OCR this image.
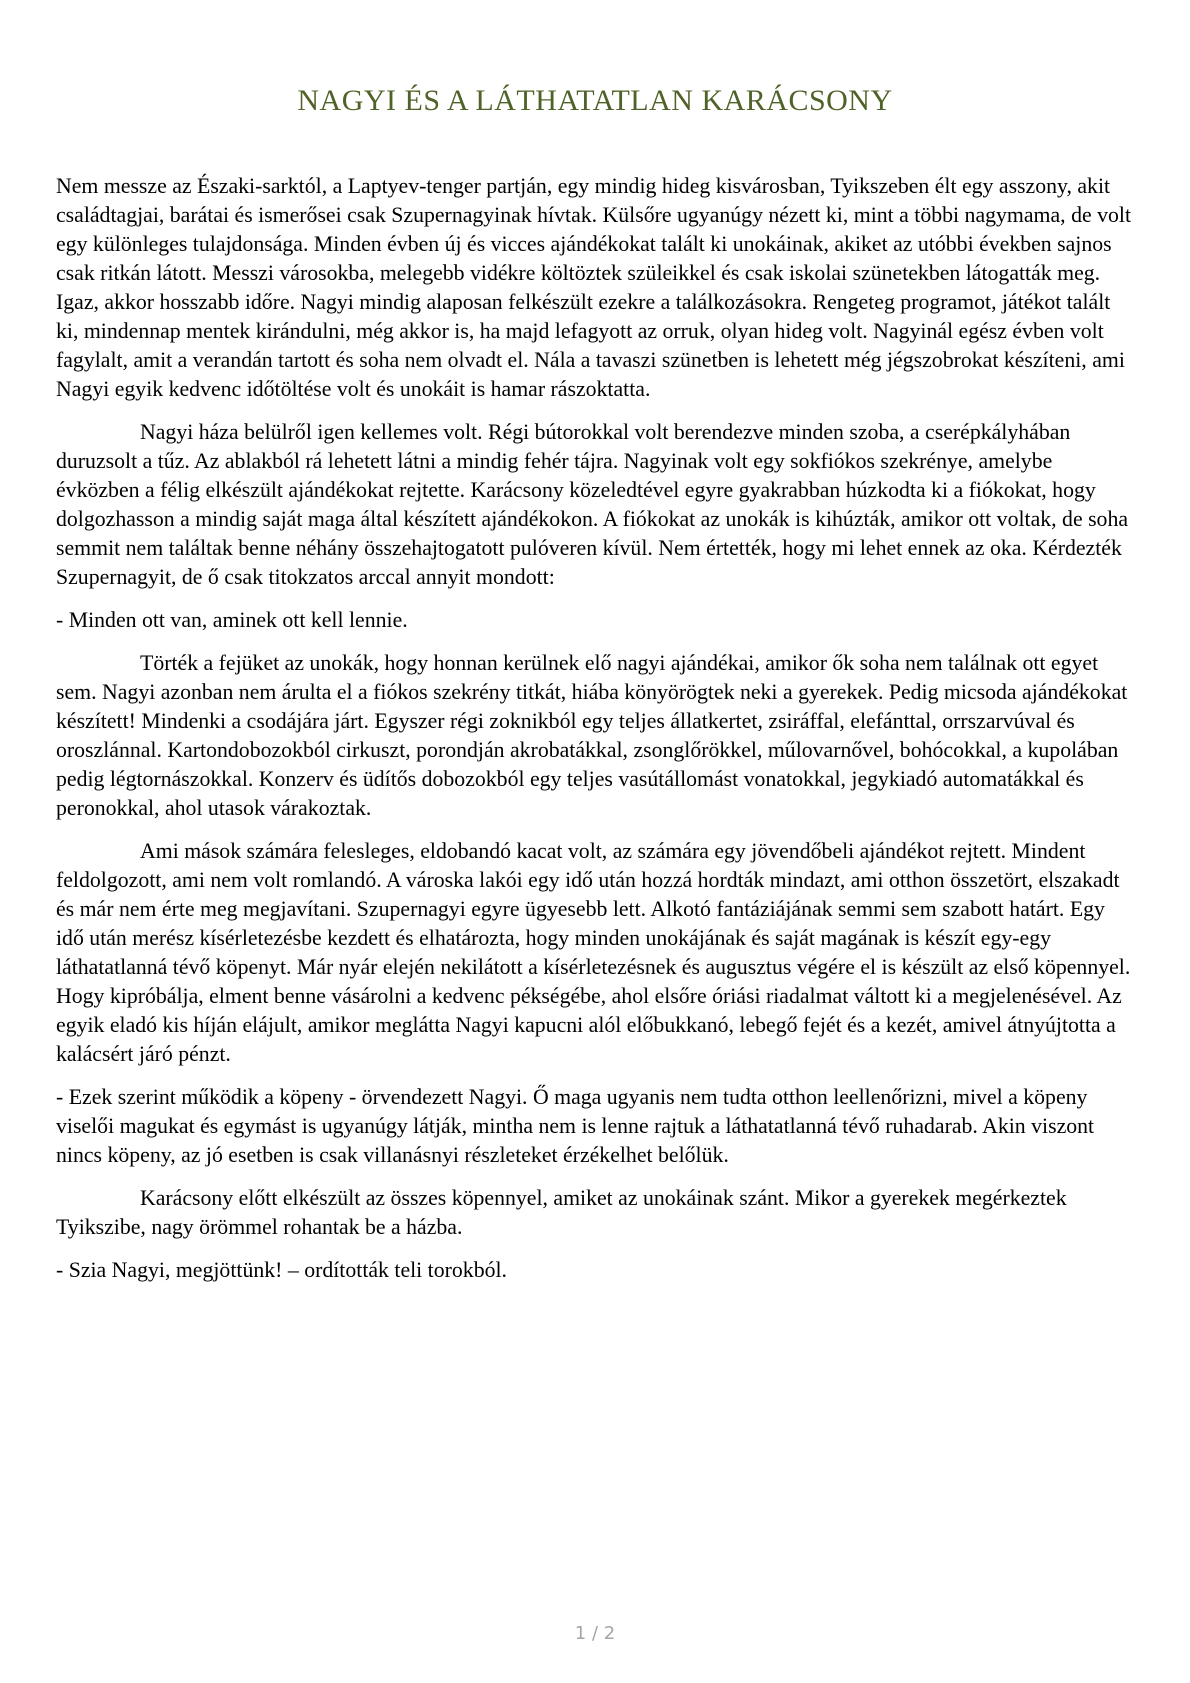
NAGYI ÉS A LÁTHATATLAN KARÁCSONY

Nem messze az Északi-sarktól, a Laptyev-tenger partján, egy mindig hideg kisvárosban, Tyikszeben élt egy asszony, akit családtagjai, barátai és ismerősei csak Szupernagyinak hívtak. Külsőre ugyanúgy nézett ki, mint a többi nagymama, de volt egy különleges tulajdonsága. Minden évben új és vicces ajándékokat talált ki unokáinak, akiket az utóbbi években sajnos csak ritkán látott. Messzi városokba, melegebb vidékre költöztek szüleikkel és csak iskolai szünetekben látogatták meg. Igaz, akkor hosszabb időre. Nagyi mindig alaposan felkészült ezekre a találkozásokra. Rengeteg programot, játékot talált ki, mindennap mentek kirándulni, még akkor is, ha majd lefagyott az orruk, olyan hideg volt. Nagyinál egész évben volt fagylalt, amit a verandán tartott és soha nem olvadt el. Nála a tavaszi szünetben is lehetett még jégszobrokat készíteni, ami Nagyi egyik kedvenc időtöltése volt és unokáit is hamar rászoktatta.

Nagyi háza belülről igen kellemes volt. Régi bútorokkal volt berendezve minden szoba, a cserépkályhában duruzsolt a tűz. Az ablakból rá lehetett látni a mindig fehér tájra. Nagyinak volt egy sokfiókos szekrénye, amelybe évközben a félig elkészült ajándékokat rejtette. Karácsony közeledtével egyre gyakrabban húzkodta ki a fiókokat, hogy dolgozhasson a mindig saját maga által készített ajándékokon. A fiókokat az unokák is kihúzták, amikor ott voltak, de soha semmit nem találtak benne néhány összehajtogatott pulóveren kívül. Nem értették, hogy mi lehet ennek az oka. Kérdezték Szupernagyit, de ő csak titokzatos arccal annyit mondott:

- Minden ott van, aminek ott kell lennie.

Törték a fejüket az unokák, hogy honnan kerülnek elő nagyi ajándékai, amikor ők soha nem találnak ott egyet sem. Nagyi azonban nem árulta el a fiókos szekrény titkát, hiába könyörögtek neki a gyerekek. Pedig micsoda ajándékokat készített! Mindenki a csodájára járt. Egyszer régi zoknikból egy teljes állatkertet, zsiráffal, elefánttal, orrszarvúval és oroszlánnal. Kartondobozokból cirkuszt, porondján akrobatákkal, zsonglőrökkel, műlovarnővel, bohócokkal, a kupolában pedig légtornászokkal. Konzerv és üdítős dobozokból egy teljes vasútállomást vonatokkal, jegykiadó automatákkal és peronokkal, ahol utasok várakoztak.

Ami mások számára felesleges, eldobandó kacat volt, az számára egy jövendőbeli ajándékot rejtett. Mindent feldolgozott, ami nem volt romlandó. A városka lakói egy idő után hozzá hordták mindazt, ami otthon összetört, elszakadt és már nem érte meg megjavítani. Szupernagyi egyre ügyesebb lett. Alkotó fantáziájának semmi sem szabott határt. Egy idő után merész kísérletezésbe kezdett és elhatározta, hogy minden unokájának és saját magának is készít egy-egy láthatatlanná tévő köpenyt. Már nyár elején nekilátott a kísérletezésnek és augusztus végére el is készült az első köpennyel. Hogy kipróbálja, elment benne vásárolni a kedvenc pékségébe, ahol elsőre óriási riadalmat váltott ki a megjelenésével. Az egyik eladó kis híján elájult, amikor meglátta Nagyi kapucni alól előbukkanó, lebegő fejét és a kezét, amivel átnyújtotta a kalácsért járó pénzt.

- Ezek szerint működik a köpeny - örvendezett Nagyi. Ő maga ugyanis nem tudta otthon leellenőrizni, mivel a köpeny viselői magukat és egymást is ugyanúgy látják, mintha nem is lenne rajtuk a láthatatlanná tévő ruhadarab. Akin viszont nincs köpeny, az jó esetben is csak villanásnyi részleteket érzékelhet belőlük.

Karácsony előtt elkészült az összes köpennyel, amiket az unokáinak szánt. Mikor a gyerekek megérkeztek Tyikszibe, nagy örömmel rohantak be a házba.

- Szia Nagyi, megjöttünk! – ordították teli torokból.

1 / 2
